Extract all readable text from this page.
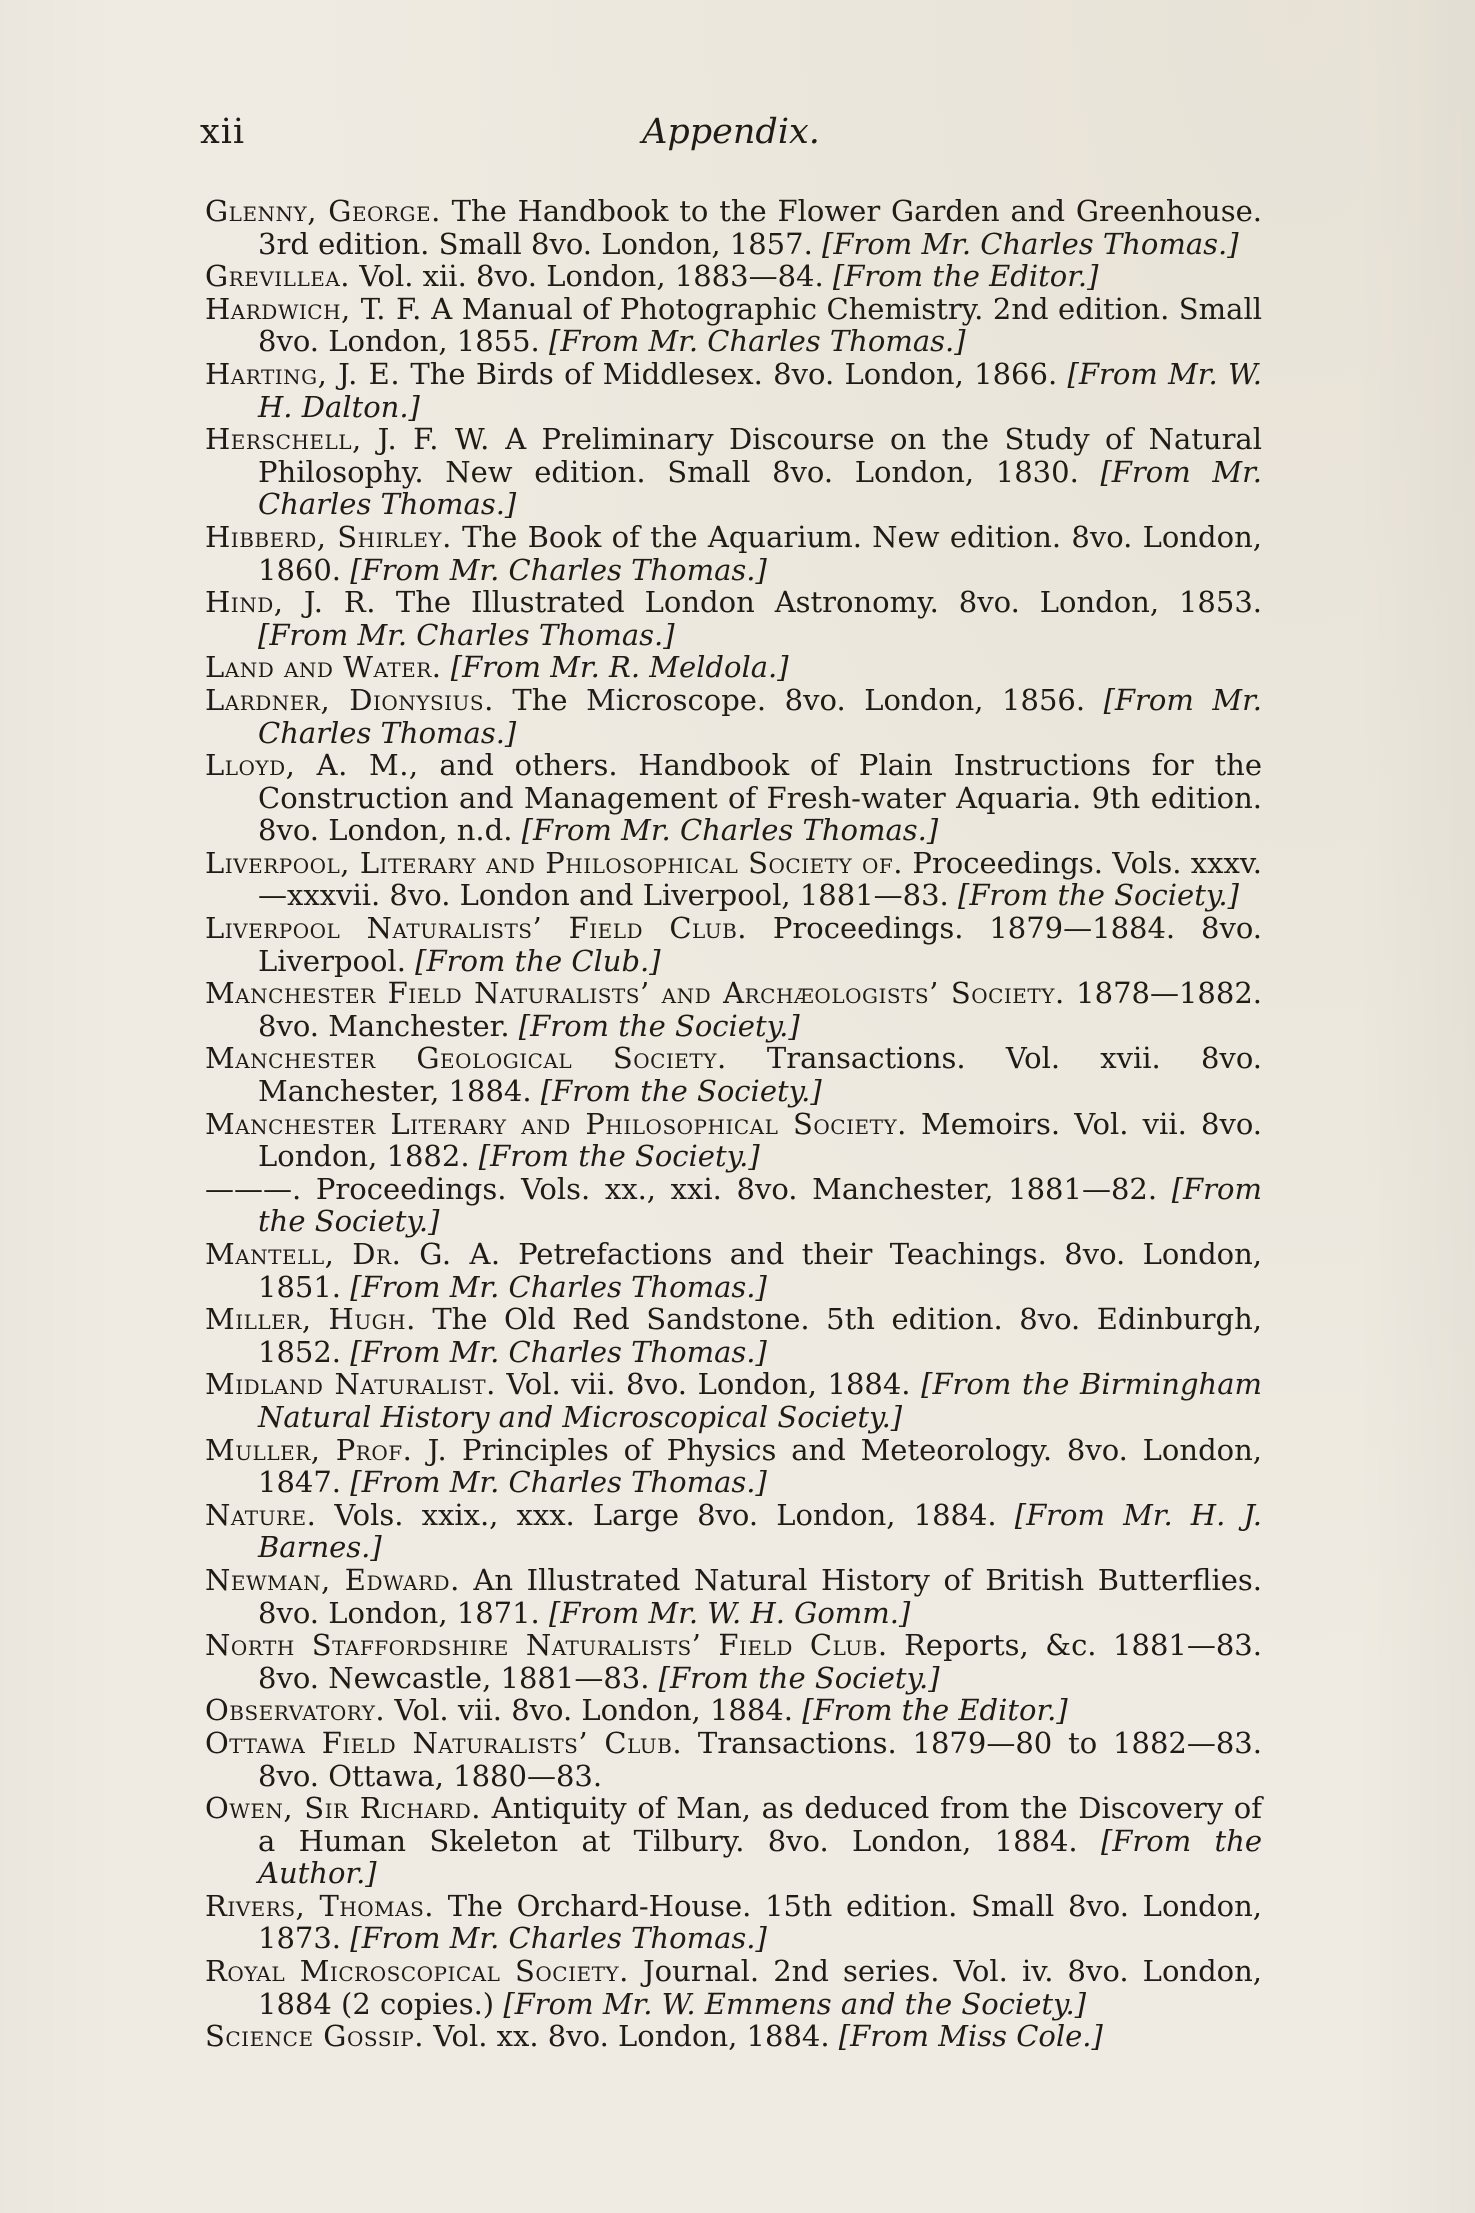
xii	Appendix.

Glenny, George. The Handbook to the Flower Garden and Greenhouse. 3rd edition. Small 8vo. London, 1857. [From Mr. Charles Thomas.]

Grevillea. Vol. xii. 8vo. London, 1883—84. [From the Editor.]

Hardwich, T. F. A Manual of Photographic Chemistry. 2nd edition. Small 8vo. London, 1855. [From Mr. Charles Thomas.]

Harting, J. E. The Birds of Middlesex. 8vo. London, 1866. [From Mr. W. H. Dalton.]

Herschell, J. F. W. A Preliminary Discourse on the Study of Natural Philosophy. New edition. Small 8vo. London, 1830. [From Mr. Charles Thomas.]

Hibberd, Shirley. The Book of the Aquarium. New edition. 8vo. London, 1860. [From Mr. Charles Thomas.]

Hind, J. R. The Illustrated London Astronomy. 8vo. London, 1853. [From Mr. Charles Thomas.]

Land and Water. [From Mr. R. Meldola.]

Lardner, Dionysius. The Microscope. 8vo. London, 1856. [From Mr. Charles Thomas.]

Lloyd, A. M., and others. Handbook of Plain Instructions for the Construction and Management of Fresh-water Aquaria. 9th edition. 8vo. London, n.d. [From Mr. Charles Thomas.]

Liverpool, Literary and Philosophical Society of. Proceedings. Vols. xxxv.—xxxvii. 8vo. London and Liverpool, 1881—83. [From the Society.]

Liverpool Naturalists’ Field Club. Proceedings. 1879—1884. 8vo. Liverpool. [From the Club.]

Manchester Field Naturalists’ and Archæologists’ Society. 1878—1882. 8vo. Manchester. [From the Society.]

Manchester Geological Society. Transactions. Vol. xvii. 8vo. Manchester, 1884. [From the Society.]

Manchester Literary and Philosophical Society. Memoirs. Vol. vii. 8vo. London, 1882. [From the Society.]

———. Proceedings. Vols. xx., xxi. 8vo. Manchester, 1881—82. [From the Society.]

Mantell, Dr. G. A. Petrefactions and their Teachings. 8vo. London, 1851. [From Mr. Charles Thomas.]

Miller, Hugh. The Old Red Sandstone. 5th edition. 8vo. Edinburgh, 1852. [From Mr. Charles Thomas.]

Midland Naturalist. Vol. vii. 8vo. London, 1884. [From the Birmingham Natural History and Microscopical Society.]

Muller, Prof. J. Principles of Physics and Meteorology. 8vo. London, 1847. [From Mr. Charles Thomas.]

Nature. Vols. xxix., xxx. Large 8vo. London, 1884. [From Mr. H. J. Barnes.]

Newman, Edward. An Illustrated Natural History of British Butterflies. 8vo. London, 1871. [From Mr. W. H. Gomm.]

North Staffordshire Naturalists’ Field Club. Reports, &c. 1881—83. 8vo. Newcastle, 1881—83. [From the Society.]

Observatory. Vol. vii. 8vo. London, 1884. [From the Editor.]

Ottawa Field Naturalists’ Club. Transactions. 1879—80 to 1882—83. 8vo. Ottawa, 1880—83.

Owen, Sir Richard. Antiquity of Man, as deduced from the Discovery of a Human Skeleton at Tilbury. 8vo. London, 1884. [From the Author.]

Rivers, Thomas. The Orchard-House. 15th edition. Small 8vo. London, 1873. [From Mr. Charles Thomas.]

Royal Microscopical Society. Journal. 2nd series. Vol. iv. 8vo. London, 1884 (2 copies.) [From Mr. W. Emmens and the Society.]

Science Gossip. Vol. xx. 8vo. London, 1884. [From Miss Cole.]
